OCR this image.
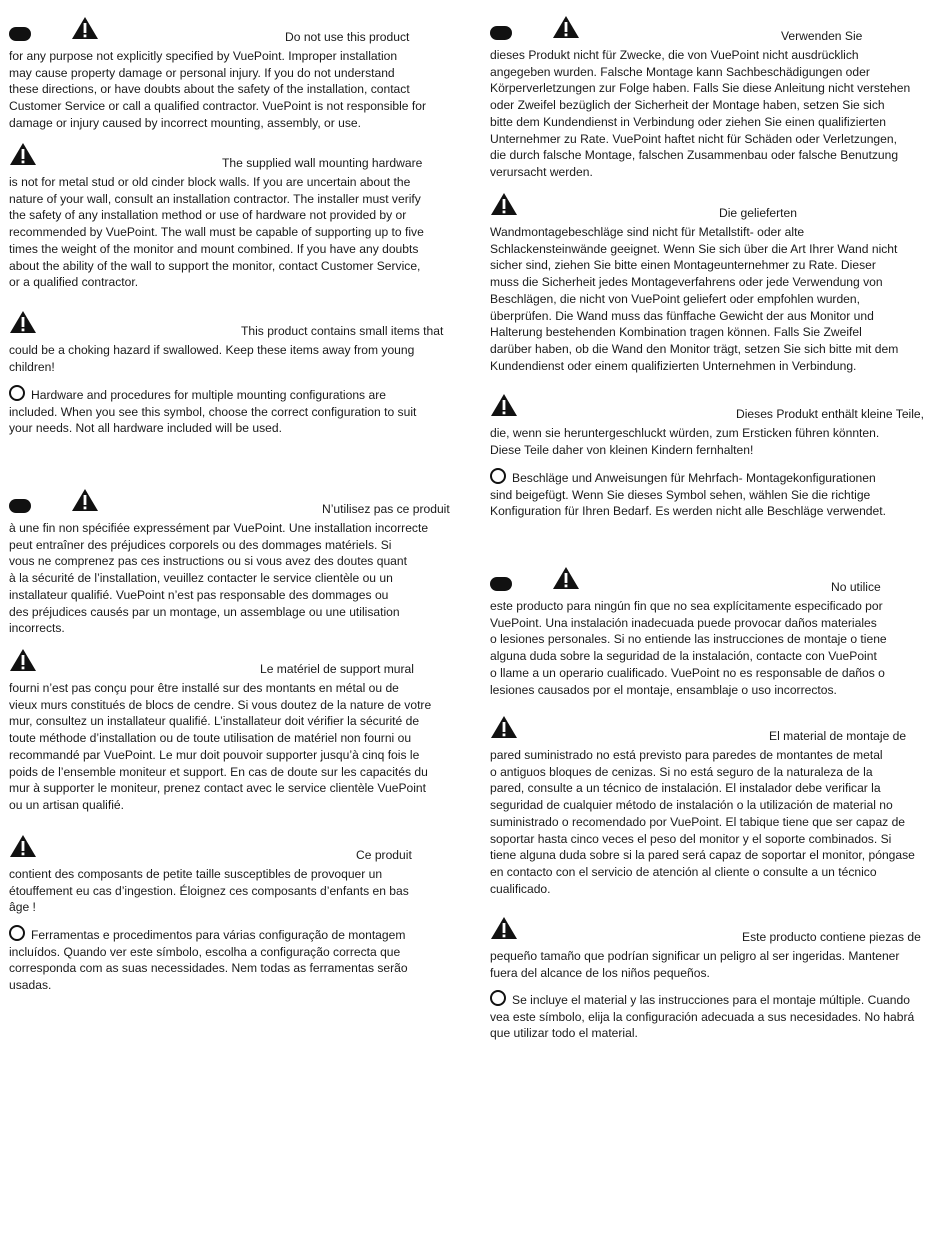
Do not use this product

for any purpose not explicitly specified by VuePoint. Improper installation
may cause property damage or personal injury. If you do not understand
these directions, or have doubts about the safety of the installation, contact
Customer Service or call a qualified contractor. VuePoint is not responsible for
damage or injury caused by incorrect mounting, assembly, or use.

The supplied wall mounting hardware

is not for metal stud or old cinder block walls. If you are uncertain about the
nature of your wall, consult an installation contractor. The installer must verify
the safety of any installation method or use of hardware not provided by or
recommended by VuePoint. The wall must be capable of supporting up to five
times the weight of the monitor and mount combined. If you have any doubts
about the ability of the wall to support the monitor, contact Customer Service,
or a qualified contractor.

This product contains small items that

could be a choking hazard if swallowed. Keep these items away from young
children!

Hardware and procedures for multiple mounting configurations are
included. When you see this symbol, choose the correct configuration to suit
your needs. Not all hardware included will be used.

N’utilisez pas ce produit

à une fin non spécifiée expressément par VuePoint. Une installation incorrecte
peut entraîner des préjudices corporels ou des dommages matériels. Si
vous ne comprenez pas ces instructions ou si vous avez des doutes quant
à la sécurité de l’installation, veuillez contacter le service clientèle ou un
installateur qualifié. VuePoint n’est pas responsable des dommages ou
des préjudices causés par un montage, un assemblage ou une utilisation
incorrects.

Le matériel de support mural

fourni n’est pas conçu pour être installé sur des montants en métal ou de
vieux murs constitués de blocs de cendre. Si vous doutez de la nature de votre
mur, consultez un installateur qualifié. L’installateur doit vérifier la sécurité de
toute méthode d’installation ou de toute utilisation de matériel non fourni ou
recommandé par VuePoint. Le mur doit pouvoir supporter jusqu’à cinq fois le
poids de l’ensemble moniteur et support. En cas de doute sur les capacités du
mur à supporter le moniteur, prenez contact avec le service clientèle VuePoint
ou un artisan qualifié.

Ce produit

contient des composants de petite taille susceptibles de provoquer un
étouffement eu cas d’ingestion. Éloignez ces composants d’enfants en bas
âge !

Ferramentas e procedimentos para várias configuração de montagem
incluídos. Quando ver este símbolo, escolha a configuração correcta que
corresponda com as suas necessidades. Nem todas as ferramentas serão
usadas.

Verwenden Sie

dieses Produkt nicht für Zwecke, die von VuePoint nicht ausdrücklich
angegeben wurden. Falsche Montage kann Sachbeschädigungen oder
Körperverletzungen zur Folge haben. Falls Sie diese Anleitung nicht verstehen
oder Zweifel bezüglich der Sicherheit der Montage haben, setzen Sie sich
bitte dem Kundendienst in Verbindung oder ziehen Sie einen qualifizierten
Unternehmer zu Rate. VuePoint haftet nicht für Schäden oder Verletzungen,
die durch falsche Montage, falschen Zusammenbau oder falsche Benutzung
verursacht werden.

Die gelieferten

Wandmontagebeschläge sind nicht für Metallstift- oder alte
Schlackensteinwände geeignet. Wenn Sie sich über die Art Ihrer Wand nicht
sicher sind, ziehen Sie bitte einen Montageunternehmer zu Rate. Dieser
muss die Sicherheit jedes Montageverfahrens oder jede Verwendung von
Beschlägen, die nicht von VuePoint geliefert oder empfohlen wurden,
überprüfen. Die Wand muss das fünffache Gewicht der aus Monitor und
Halterung bestehenden Kombination tragen können. Falls Sie Zweifel
darüber haben, ob die Wand den Monitor trägt, setzen Sie sich bitte mit dem
Kundendienst oder einem qualifizierten Unternehmen in Verbindung.

Dieses Produkt enthält kleine Teile,

die, wenn sie heruntergeschluckt würden, zum Ersticken führen könnten.
Diese Teile daher von kleinen Kindern fernhalten!

Beschläge und Anweisungen für Mehrfach- Montagekonfigurationen
sind beigefügt. Wenn Sie dieses Symbol sehen, wählen Sie die richtige
Konfiguration für Ihren Bedarf. Es werden nicht alle Beschläge verwendet.

No utilice

este producto para ningún fin que no sea explícitamente especificado por
VuePoint. Una instalación inadecuada puede provocar daños materiales
o lesiones personales. Si no entiende las instrucciones de montaje o tiene
alguna duda sobre la seguridad de la instalación, contacte con VuePoint
o llame a un operario cualificado. VuePoint no es responsable de daños o
lesiones causados por el montaje, ensamblaje o uso incorrectos.

El material de montaje de

pared suministrado no está previsto para paredes de montantes de metal
o antiguos bloques de cenizas. Si no está seguro de la naturaleza de la
pared, consulte a un técnico de instalación. El instalador debe verificar la
seguridad de cualquier método de instalación o la utilización de material no
suministrado o recomendado por VuePoint. El tabique tiene que ser capaz de
soportar hasta cinco veces el peso del monitor y el soporte combinados. Si
tiene alguna duda sobre si la pared será capaz de soportar el monitor, póngase
en contacto con el servicio de atención al cliente o consulte a un técnico
cualificado.

Este producto contiene piezas de

pequeño tamaño que podrían significar un peligro al ser ingeridas. Mantener
fuera del alcance de los niños pequeños.

Se incluye el material y las instrucciones para el montaje múltiple. Cuando
vea este símbolo, elija la configuración adecuada a sus necesidades. No habrá
que utilizar todo el material.
